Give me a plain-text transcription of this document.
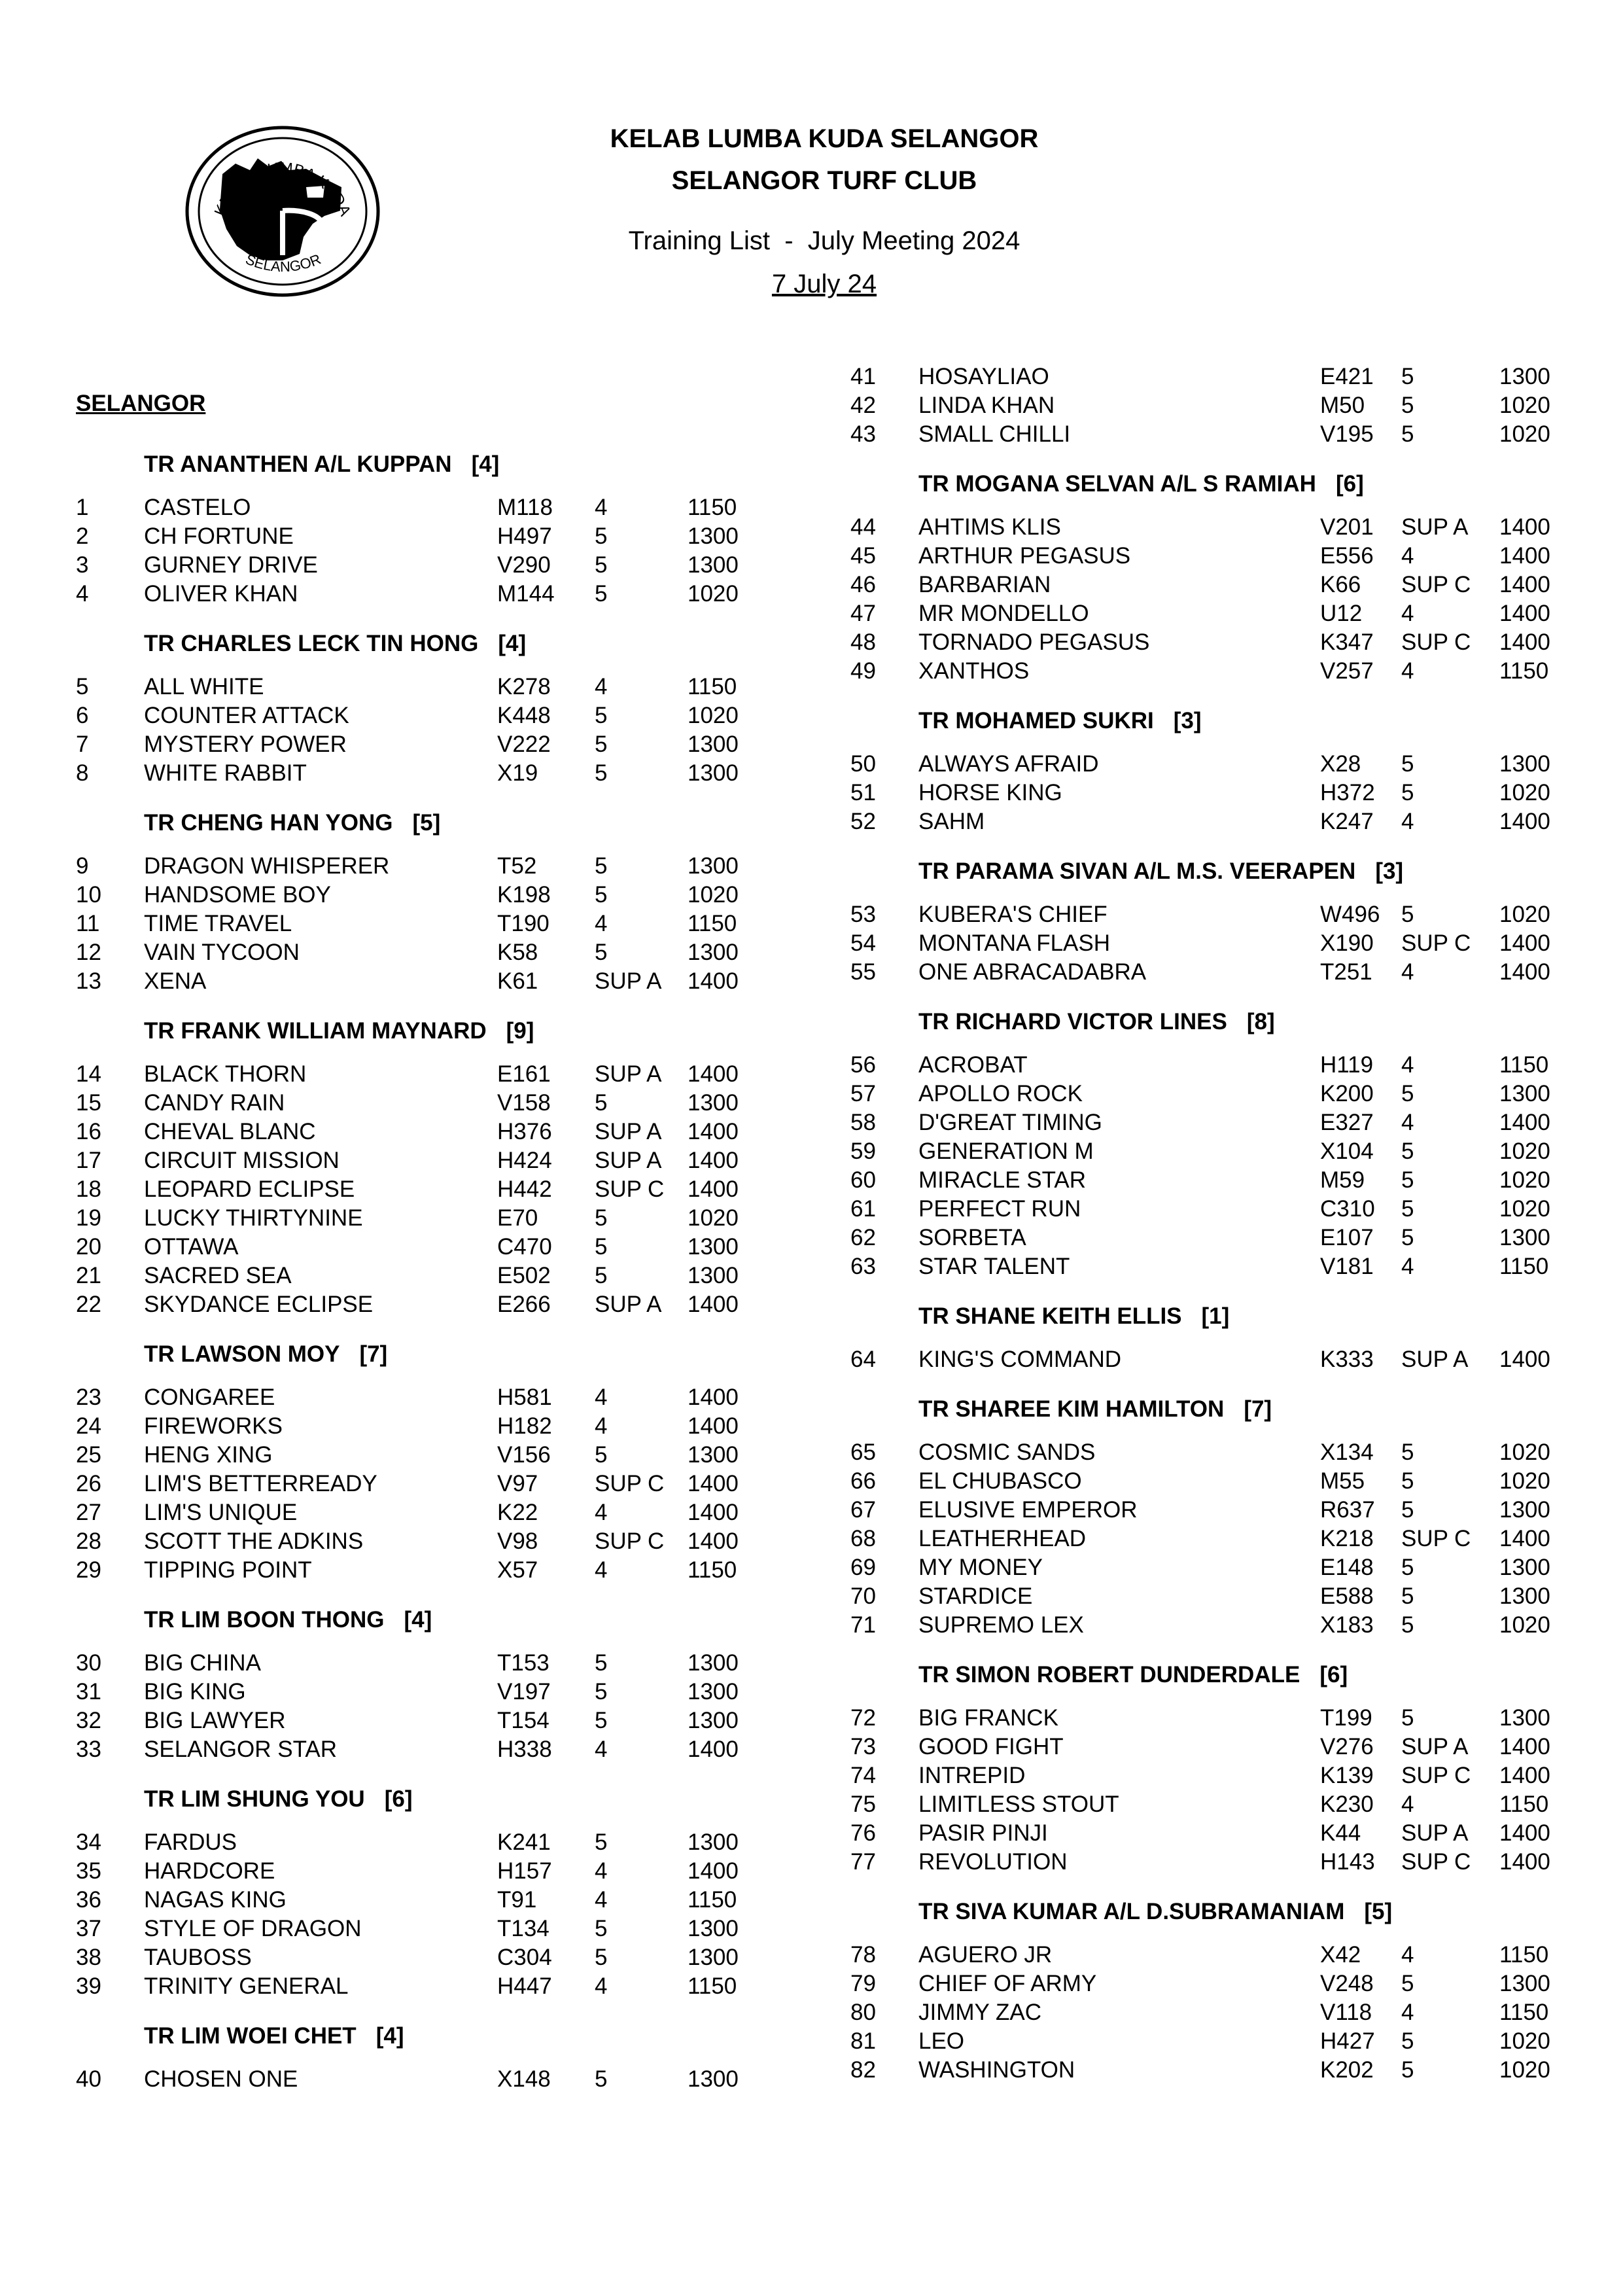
KELAB LUMBA KUDA
SELANGOR
KELAB LUMBA KUDA SELANGOR
SELANGOR TURF CLUB
Training List  -  July Meeting 2024
7 July 24
SELANGOR
TR ANANTHEN A/L KUPPAN [4]
1 CASTELO	M118 4	1150
2 CH FORTUNE	H497 5	1300
3 GURNEY DRIVE	V290 5	1300
4 OLIVER KHAN	M144 5	1020
TR CHARLES LECK TIN HONG [4]
5 ALL WHITE	K278 4	1150
6 COUNTER ATTACK	K448 5	1020
7 MYSTERY POWER	V222 5	1300
8 WHITE RABBIT	X19 5	1300
TR CHENG HAN YONG [5]
9 DRAGON WHISPERER	T52	5	1300
10 HANDSOME BOY	K198 5	1020
11 TIME TRAVEL	T190 4	1150
12 VAIN TYCOON	K58 5	1300
13 XENA	K61 SUP A 1400
TR FRANK WILLIAM MAYNARD [9]
14 BLACK THORN	E161 SUP A 1400
15 CANDY RAIN	V158 5	1300
16 CHEVAL BLANC	H376 SUP A 1400
17 CIRCUIT MISSION	H424 SUP A 1400
18 LEOPARD ECLIPSE	H442 SUP C 1400
19 LUCKY THIRTYNINE	E70 5	1020
20 OTTAWA	C470 5	1300
21 SACRED SEA	E502 5	1300
22 SKYDANCE ECLIPSE	E266 SUP A 1400
TR LAWSON MOY [7]
23 CONGAREE	H581 4	1400
24 FIREWORKS	H182 4	1400
25 HENG XING	V156 5	1300
26 LIM'S BETTERREADY	V97 SUP C 1400
27 LIM'S UNIQUE	K22 4	1400
28 SCOTT THE ADKINS	V98 SUP C 1400
29 TIPPING POINT	X57 4	1150
TR LIM BOON THONG [4]
30 BIG CHINA	T153 5	1300
31 BIG KING	V197 5	1300
32 BIG LAWYER	T154 5	1300
33 SELANGOR STAR	H338 4	1400
TR LIM SHUNG YOU [6]
34 FARDUS	K241 5	1300
35 HARDCORE	H157 4	1400
36 NAGAS KING	T91	4	1150
37 STYLE OF DRAGON	T134 5	1300
38 TAUBOSS	C304 5	1300
39 TRINITY GENERAL	H447 4	1150
TR LIM WOEI CHET [4]
40 CHOSEN ONE	X148 5	1300
41 HOSAYLIAO	E421 5	1300
42 LINDA KHAN	M50 5	1020
43 SMALL CHILLI	V195 5	1020
TR MOGANA SELVAN A/L S RAMIAH [6]
44 AHTIMS KLIS	V201 SUP A 1400
45 ARTHUR PEGASUS	E556 4	1400
46 BARBARIAN	K66 SUP C 1400
47 MR MONDELLO	U12 4	1400
48 TORNADO PEGASUS	K347 SUP C 1400
49 XANTHOS	V257 4	1150
TR MOHAMED SUKRI [3]
50 ALWAYS AFRAID	X28 5	1300
51 HORSE KING	H372 5	1020
52 SAHM	K247 4	1400
TR PARAMA SIVAN A/L M.S. VEERAPEN [3]
53 KUBERA'S CHIEF	W496 5	1020
54 MONTANA FLASH	X190 SUP C 1400
55 ONE ABRACADABRA	T251 4	1400
TR RICHARD VICTOR LINES [8]
56 ACROBAT	H119 4	1150
57 APOLLO ROCK	K200 5	1300
58 D'GREAT TIMING	E327 4	1400
59 GENERATION M	X104 5	1020
60 MIRACLE STAR	M59 5	1020
61 PERFECT RUN	C310 5	1020
62 SORBETA	E107 5	1300
63 STAR TALENT	V181 4	1150
TR SHANE KEITH ELLIS [1]
64 KING'S COMMAND	K333 SUP A 1400
TR SHAREE KIM HAMILTON [7]
65 COSMIC SANDS	X134 5	1020
66 EL CHUBASCO	M55 5	1020
67 ELUSIVE EMPEROR	R637 5	1300
68 LEATHERHEAD	K218 SUP C 1400
69 MY MONEY	E148 5	1300
70 STARDICE	E588 5	1300
71 SUPREMO LEX	X183 5	1020
TR SIMON ROBERT DUNDERDALE [6]
72 BIG FRANCK	T199 5	1300
73 GOOD FIGHT	V276 SUP A 1400
74 INTREPID	K139 SUP C 1400
75 LIMITLESS STOUT	K230 4	1150
76 PASIR PINJI	K44 SUP A 1400
77 REVOLUTION	H143 SUP C 1400
TR SIVA KUMAR A/L D.SUBRAMANIAM [5]
78 AGUERO JR	X42 4	1150
79 CHIEF OF ARMY	V248 5	1300
80 JIMMY ZAC	V118 4	1150
81 LEO	H427 5	1020
82 WASHINGTON	K202 5	1020
